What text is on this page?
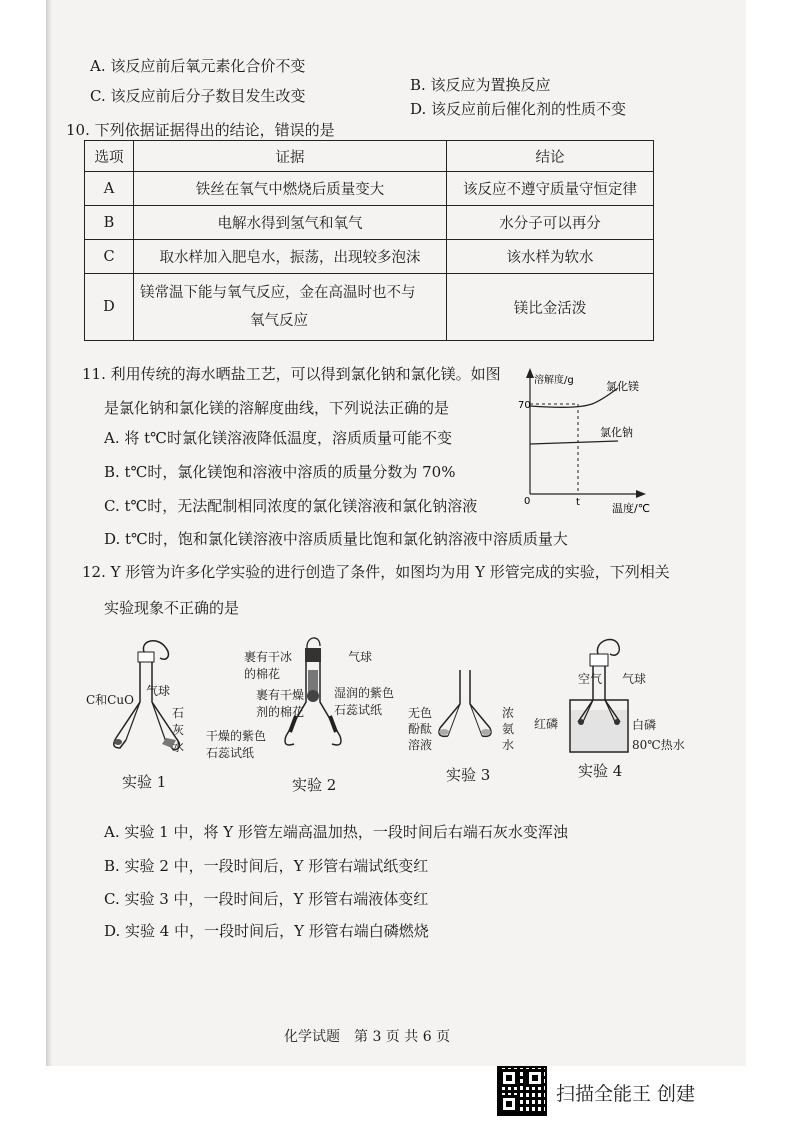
A. 该反应前后氧元素化合价不变
B. 该反应为置换反应
C. 该反应前后分子数目发生改变
D. 该反应前后催化剂的性质不变
10. 下列依据证据得出的结论，错误的是
选项	证据	结论
A	铁丝在氧气中燃烧后质量变大	该反应不遵守质量守恒定律
B	电解水得到氢气和氧气	水分子可以再分
C	取水样加入肥皂水，振荡，出现较多泡沫	该水样为软水
D	镁常温下能与氧气反应，金在高温时也不与
氧气反应	镁比金活泼
11. 利用传统的海水晒盐工艺，可以得到氯化钠和氯化镁。如图
是氯化钠和氯化镁的溶解度曲线，下列说法正确的是
A. 将 t℃时氯化镁溶液降低温度，溶质质量可能不变
B. t℃时，氯化镁饱和溶液中溶质的质量分数为 70%
C. t℃时，无法配制相同浓度的氯化镁溶液和氯化钠溶液
D. t℃时，饱和氯化镁溶液中溶质质量比饱和氯化钠溶液中溶质质量大
溶解度/g
70
0	t	温度/℃
氯化镁
氯化钠
12. Y 形管为许多化学实验的进行创造了条件，如图均为用 Y 形管完成的实验，下列相关
实验现象不正确的是
C和CuO
气球
石
灰
水
实验 1
裹有干冰
的棉花
气球
裹有干燥
剂的棉花
湿润的紫色
石蕊试纸
干燥的紫色
石蕊试纸
实验 2
无色
酚酞
溶液
浓
氨
水
实验 3
空气 气球
红磷	白磷
80℃热水
实验 4
A. 实验 1 中，将 Y 形管左端高温加热，一段时间后右端石灰水变浑浊
B. 实验 2 中，一段时间后，Y 形管右端试纸变红
C. 实验 3 中，一段时间后，Y 形管右端液体变红
D. 实验 4 中，一段时间后，Y 形管右端白磷燃烧
化学试题　第 3 页 共 6 页
扫描全能王 创建
